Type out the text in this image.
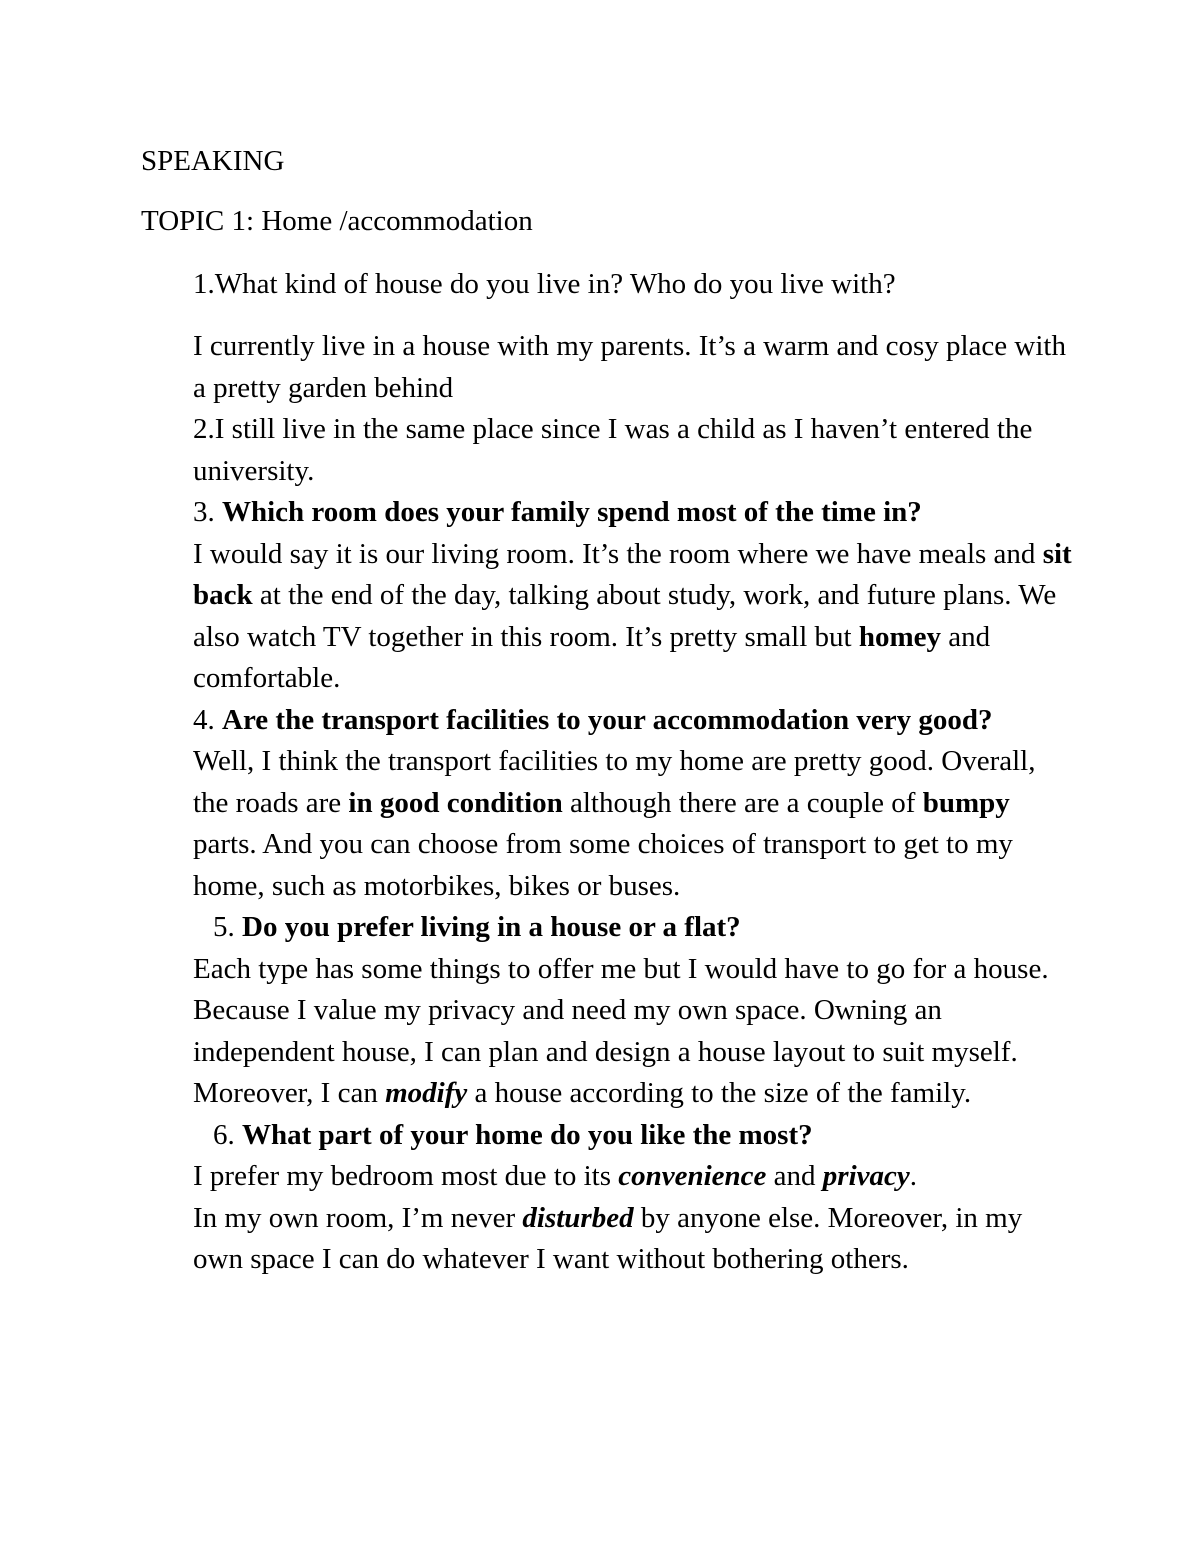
SPEAKING
TOPIC 1: Home /accommodation
1.What kind of house do you live in? Who do you live with?

I currently live in a house with my parents. It’s a warm and cosy place with a pretty garden behind

2.I still live in the same place since I was a child as I haven’t entered the university.

3. Which room does your family spend most of the time in?

I would say it is our living room. It’s the room where we have meals and sit back at the end of the day, talking about study, work, and future plans. We also watch TV together in this room. It’s pretty small but homey and comfortable.

4. Are the transport facilities to your accommodation very good?

Well, I think the transport facilities to my home are pretty good. Overall, the roads are in good condition although there are a couple of bumpy parts. And you can choose from some choices of transport to get to my home, such as motorbikes, bikes or buses.

5. Do you prefer living in a house or a flat?

Each type has some things to offer me but I would have to go for a house. Because I value my privacy and need my own space. Owning an independent house, I can plan and design a house layout to suit myself. Moreover, I can modify a house according to the size of the family.

6. What part of your home do you like the most?

I prefer my bedroom most due to its convenience and privacy.

In my own room, I’m never disturbed by anyone else. Moreover, in my own space I can do whatever I want without bothering others.
